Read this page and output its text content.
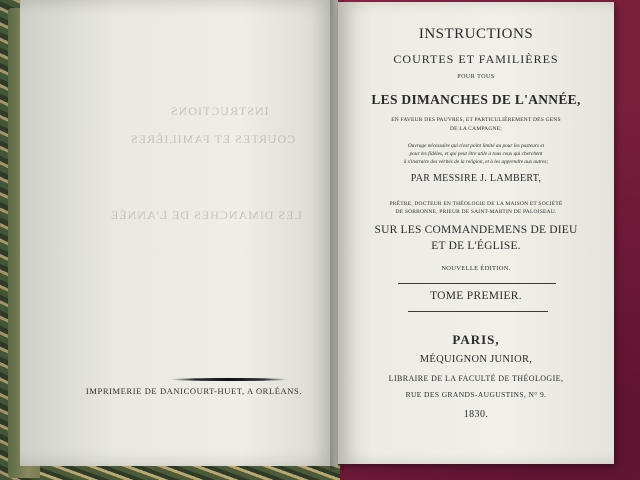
INSTRUCTIONS
COURTES ET FAMILIÈRES
LES DIMANCHES DE L'ANNÉE
IMPRIMERIE DE DANICOURT-HUET, A ORLÉANS.
INSTRUCTIONS
COURTES ET FAMILIÈRES
POUR TOUS
LES DIMANCHES DE L'ANNÉE,
EN FAVEUR DES PAUVRES, ET PARTICULIÈREMENT DES GENS
DE LA CAMPAGNE;
Ouvrage nécessaire qui n'est point limité au pour les pasteurs et
pour les fidèles, et qui peut être utile à tous ceux qui cherchent
à s'instruire des vérités de la religion, et à les apprendre aux autres;
PAR MESSIRE J. LAMBERT,
PRÊTRE, DOCTEUR EN THÉOLOGIE DE LA MAISON ET SOCIÉTÉ
DE SORBONNE, PRIEUR DE SAINT-MARTIN DE PALOISEAU.
SUR LES COMMANDEMENS DE DIEU
ET DE L'ÉGLISE.
NOUVELLE ÉDITION.
TOME PREMIER.
PARIS,
MÉQUIGNON JUNIOR,
LIBRAIRE DE LA FACULTÉ DE THÉOLOGIE,
RUE DES GRANDS-AUGUSTINS, N° 9.
1830.
